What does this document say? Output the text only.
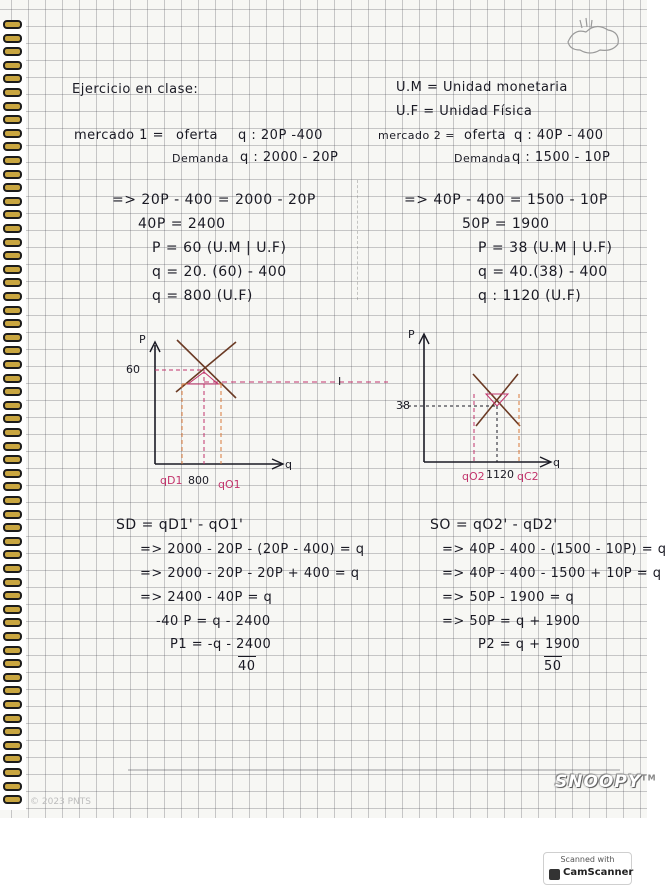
Ejercicio en clase:	U.M = Unidad monetaria
U.F = Unidad Física
mercado 1 = oferta q : 20P -400
Demanda q : 2000 - 20P
mercado 2 = oferta q : 40P - 400
Demanda q : 1500 - 10P
=> 20P - 400 = 2000 - 20P
40P = 2400
P = 60 (U.M | U.F)
q = 20. (60) - 400
q = 800 (U.F)
=> 40P - 400 = 1500 - 10P
50P = 1900
P = 38 (U.M | U.F)
q = 40.(38) - 400
q : 1120 (U.F)
P
q
60
800
qD1	qO1
I
P
q
38
1120
qO2	qC2
SD = qD1' - qO1'
=> 2000 - 20P - (20P - 400) = q
=> 2000 - 20P - 20P + 400 = q
=> 2400 - 40P = q
-40 P = q - 2400
P1 = -q - 2400
40
SO = qO2' - qD2'
=> 40P - 400 - (1500 - 10P) = q
=> 40P - 400 - 1500 + 10P = q
=> 50P - 1900 = q
=> 50P = q + 1900
P2 = q + 1900
50
SNOOPY™
© 2023 PNTS
Scanned with
CamScanner
